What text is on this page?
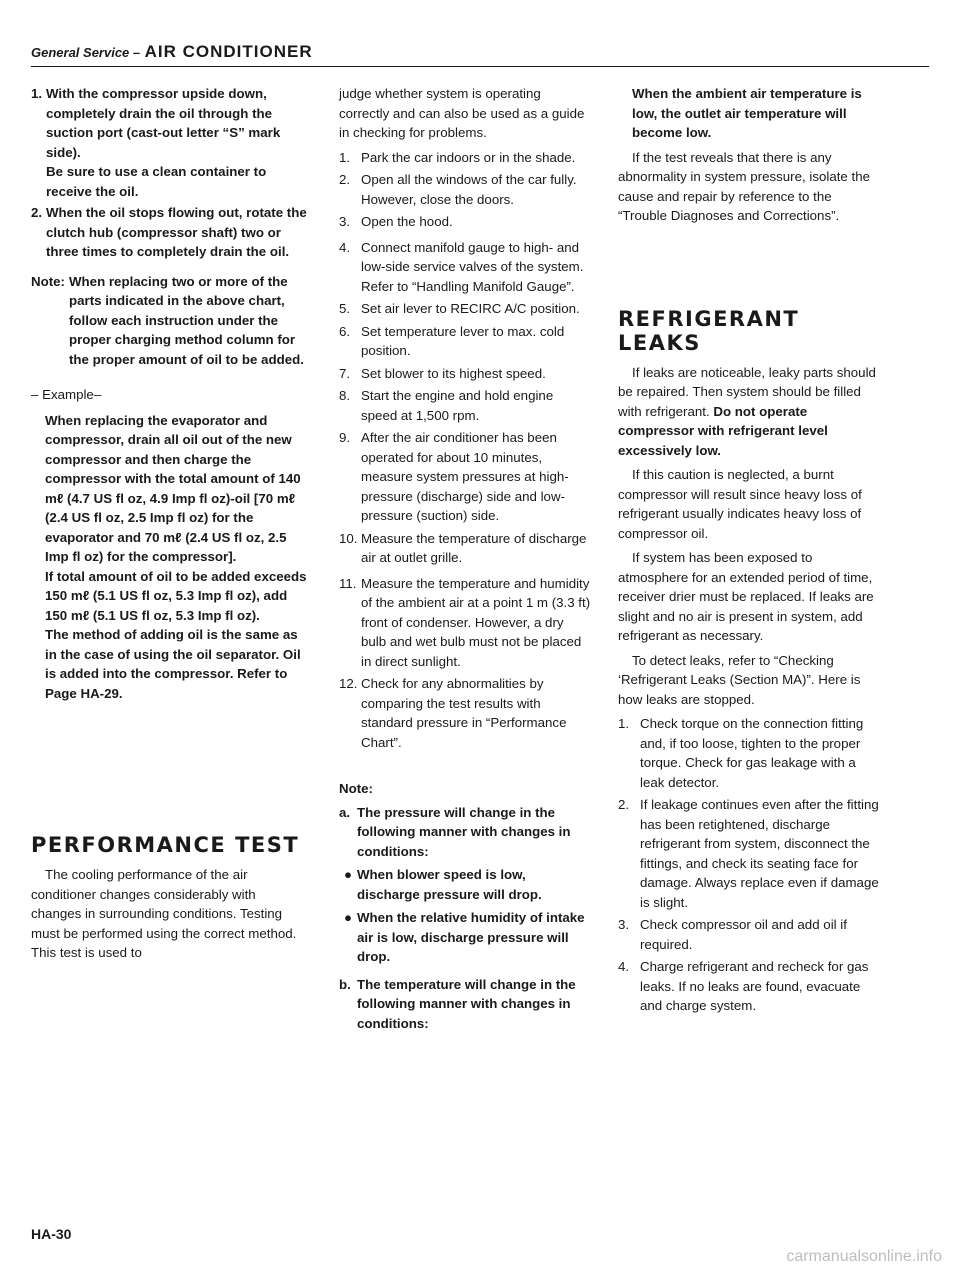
General Service – AIR CONDITIONER
1. With the compressor upside down, completely drain the oil through the suction port (cast-out letter “S” mark side).
Be sure to use a clean container to receive the oil.
2. When the oil stops flowing out, rotate the clutch hub (compressor shaft) two or three times to completely drain the oil.
Note: When replacing two or more of the parts indicated in the above chart, follow each instruction under the proper charging method column for the proper amount of oil to be added.
– Example–

When replacing the evaporator and compressor, drain all oil out of the new compressor and then charge the compressor with the total amount of 140 mℓ (4.7 US fl oz, 4.9 Imp fl oz)-oil [70 mℓ (2.4 US fl oz, 2.5 Imp fl oz) for the evaporator and 70 mℓ (2.4 US fl oz, 2.5 Imp fl oz) for the compressor].

If total amount of oil to be added exceeds 150 mℓ (5.1 US fl oz, 5.3 Imp fl oz), add 150 mℓ (5.1 US fl oz, 5.3 Imp fl oz).

The method of adding oil is the same as in the case of using the oil separator. Oil is added into the compressor. Refer to Page HA-29.

PERFORMANCE TEST

The cooling performance of the air conditioner changes considerably with changes in surrounding conditions. Testing must be performed using the correct method. This test is used to

judge whether system is operating correctly and can also be used as a guide in checking for problems.

1. Park the car indoors or in the shade.
2. Open all the windows of the car fully. However, close the doors.
3. Open the hood.
4. Connect manifold gauge to high- and low-side service valves of the system. Refer to “Handling Manifold Gauge”.
5. Set air lever to RECIRC A/C position.
6. Set temperature lever to max. cold position.
7. Set blower to its highest speed.
8. Start the engine and hold engine speed at 1,500 rpm.
9. After the air conditioner has been operated for about 10 minutes, measure system pressures at high-pressure (discharge) side and low-pressure (suction) side.
10. Measure the temperature of discharge air at outlet grille.
11. Measure the temperature and humidity of the ambient air at a point 1 m (3.3 ft) front of condenser. However, a dry bulb and wet bulb must not be placed in direct sunlight.
12. Check for any abnormalities by comparing the test results with standard pressure in “Performance Chart”.
Note:
a. The pressure will change in the following manner with changes in conditions:
● When blower speed is low, discharge pressure will drop.
● When the relative humidity of intake air is low, discharge pressure will drop.
b. The temperature will change in the following manner with changes in conditions:

When the ambient air temperature is low, the outlet air temperature will become low.

If the test reveals that there is any abnormality in system pressure, isolate the cause and repair by reference to the “Trouble Diagnoses and Corrections”.

REFRIGERANT
LEAKS

If leaks are noticeable, leaky parts should be repaired. Then system should be filled with refrigerant. Do not operate compressor with refrigerant level excessively low.

If this caution is neglected, a burnt compressor will result since heavy loss of refrigerant usually indicates heavy loss of compressor oil.

If system has been exposed to atmosphere for an extended period of time, receiver drier must be replaced. If leaks are slight and no air is present in system, add refrigerant as necessary.

To detect leaks, refer to “Checking ‘Refrigerant Leaks (Section MA)”. Here is how leaks are stopped.

1. Check torque on the connection fitting and, if too loose, tighten to the proper torque. Check for gas leakage with a leak detector.
2. If leakage continues even after the fitting has been retightened, discharge refrigerant from system, disconnect the fittings, and check its seating face for damage. Always replace even if damage is slight.
3. Check compressor oil and add oil if required.
4. Charge refrigerant and recheck for gas leaks. If no leaks are found, evacuate and charge system.
HA-30
carmanualsonline.info
